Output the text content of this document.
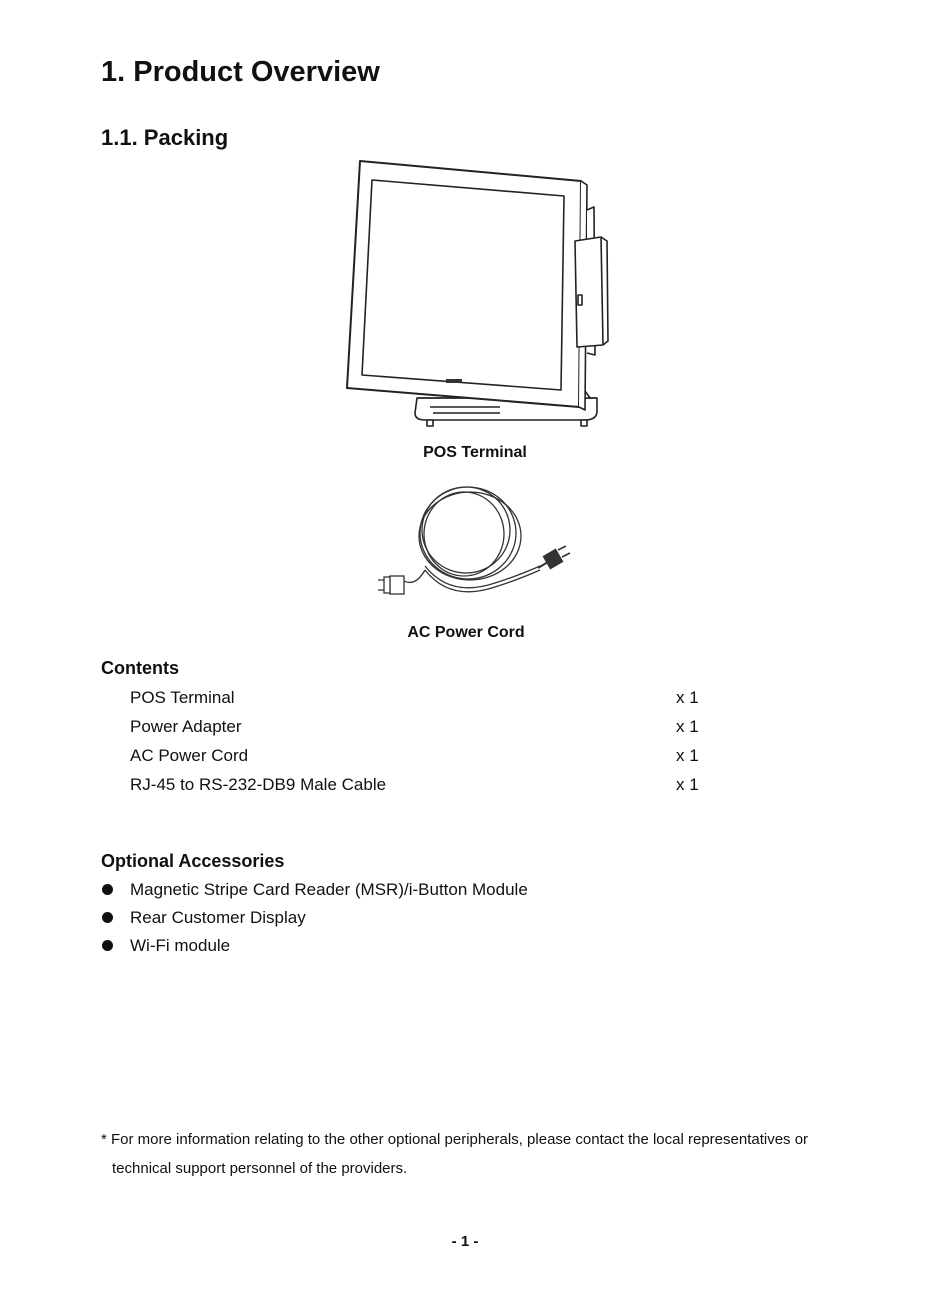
1. Product Overview
1.1. Packing
POS Terminal
AC Power Cord
Contents
POS Terminal	x 1
Power Adapter	x 1
AC Power Cord	x 1
RJ-45 to RS-232-DB9 Male Cable	x 1
Optional Accessories
Magnetic Stripe Card Reader (MSR)/i-Button Module
Rear Customer Display
Wi-Fi module
* For more information relating to the other optional peripherals, please contact the local representatives or
technical support personnel of the providers.
- 1 -
